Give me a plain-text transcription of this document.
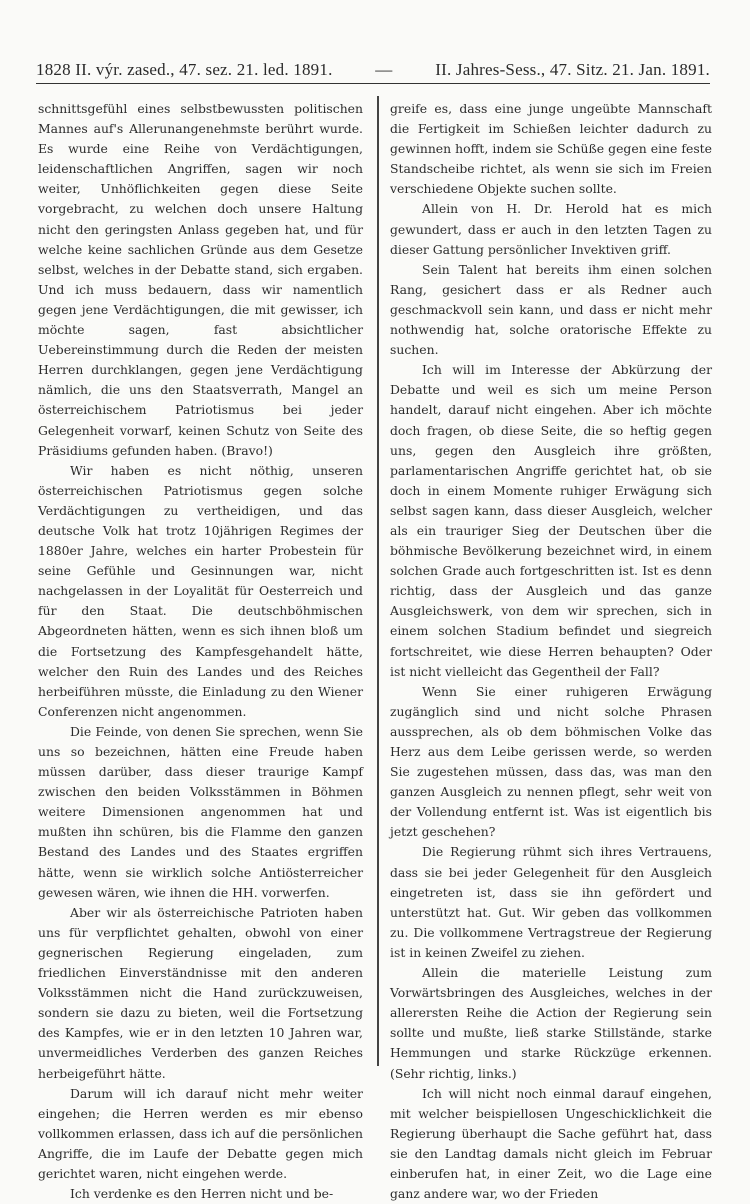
1828 II. výr. zased., 47. sez. 21. led. 1891.	—	II. Jahres-Sess., 47. Sitz. 21. Jan. 1891.

schnittsgefühl eines selbstbewussten politischen Mannes auf's Allerunangenehmste berührt wurde. Es wurde eine Reihe von Verdächtigungen, leidenschaftlichen Angriffen, sagen wir noch weiter, Unhöflichkeiten gegen diese Seite vorgebracht, zu welchen doch unsere Haltung nicht den geringsten Anlass gegeben hat, und für welche keine sachlichen Gründe aus dem Gesetze selbst, welches in der Debatte stand, sich ergaben. Und ich muss bedauern, dass wir namentlich gegen jene Verdächtigungen, die mit gewisser, ich möchte sagen, fast absichtlicher Uebereinstimmung durch die Reden der meisten Herren durchklangen, gegen jene Verdächtigung nämlich, die uns den Staatsverrath, Mangel an österreichischem Patriotismus bei jeder Gelegenheit vorwarf, keinen Schutz von Seite des Präsidiums gefunden haben. (Bravo!)

Wir haben es nicht nöthig, unseren österreichischen Patriotismus gegen solche Verdächtigungen zu vertheidigen, und das deutsche Volk hat trotz 10jährigen Regimes der 1880er Jahre, welches ein harter Probestein für seine Gefühle und Gesinnungen war, nicht nachgelassen in der Loyalität für Oesterreich und für den Staat. Die deutschböhmischen Abgeordneten hätten, wenn es sich ihnen bloß um die Fortsetzung des Kampfesgehandelt hätte, welcher den Ruin des Landes und des Reiches herbeiführen müsste, die Einladung zu den Wiener Conferenzen nicht angenommen.

Die Feinde, von denen Sie sprechen, wenn Sie uns so bezeichnen, hätten eine Freude haben müssen darüber, dass dieser traurige Kampf zwischen den beiden Volksstämmen in Böhmen weitere Dimensionen angenommen hat und mußten ihn schüren, bis die Flamme den ganzen Bestand des Landes und des Staates ergriffen hätte, wenn sie wirklich solche Antiösterreicher gewesen wären, wie ihnen die HH. vorwerfen.

Aber wir als österreichische Patrioten haben uns für verpflichtet gehalten, obwohl von einer gegnerischen Regierung eingeladen, zum friedlichen Einverständnisse mit den anderen Volksstämmen nicht die Hand zurückzuweisen, sondern sie dazu zu bieten, weil die Fortsetzung des Kampfes, wie er in den letzten 10 Jahren war, unvermeidliches Verderben des ganzen Reiches herbeigeführt hätte.

Darum will ich darauf nicht mehr weiter eingehen; die Herren werden es mir ebenso vollkommen erlassen, dass ich auf die persönlichen Angriffe, die im Laufe der Debatte gegen mich gerichtet waren, nicht eingehen werde.

Ich verdenke es den Herren nicht und be-

greife es, dass eine junge ungeübte Mannschaft die Fertigkeit im Schießen leichter dadurch zu gewinnen hofft, indem sie Schüße gegen eine feste Standscheibe richtet, als wenn sie sich im Freien verschiedene Objekte suchen sollte.

Allein von H. Dr. Herold hat es mich gewundert, dass er auch in den letzten Tagen zu dieser Gattung persönlicher Invektiven griff.

Sein Talent hat bereits ihm einen solchen Rang, gesichert dass er als Redner auch geschmackvoll sein kann, und dass er nicht mehr nothwendig hat, solche oratorische Effekte zu suchen.

Ich will im Interesse der Abkürzung der Debatte und weil es sich um meine Person handelt, darauf nicht eingehen. Aber ich möchte doch fragen, ob diese Seite, die so heftig gegen uns, gegen den Ausgleich ihre größten, parlamentarischen Angriffe gerichtet hat, ob sie doch in einem Momente ruhiger Erwägung sich selbst sagen kann, dass dieser Ausgleich, welcher als ein trauriger Sieg der Deutschen über die böhmische Bevölkerung bezeichnet wird, in einem solchen Grade auch fortgeschritten ist. Ist es denn richtig, dass der Ausgleich und das ganze Ausgleichswerk, von dem wir sprechen, sich in einem solchen Stadium befindet und siegreich fortschreitet, wie diese Herren behaupten? Oder ist nicht vielleicht das Gegentheil der Fall?

Wenn Sie einer ruhigeren Erwägung zugänglich sind und nicht solche Phrasen aussprechen, als ob dem böhmischen Volke das Herz aus dem Leibe gerissen werde, so werden Sie zugestehen müssen, dass das, was man den ganzen Ausgleich zu nennen pflegt, sehr weit von der Vollendung entfernt ist. Was ist eigentlich bis jetzt geschehen?

Die Regierung rühmt sich ihres Vertrauens, dass sie bei jeder Gelegenheit für den Ausgleich eingetreten ist, dass sie ihn gefördert und unterstützt hat. Gut. Wir geben das vollkommen zu. Die vollkommene Vertragstreue der Regierung ist in keinen Zweifel zu ziehen.

Allein die materielle Leistung zum Vorwärtsbringen des Ausgleiches, welches in der allerersten Reihe die Action der Regierung sein sollte und mußte, ließ starke Stillstände, starke Hemmungen und starke Rückzüge erkennen. (Sehr richtig, links.)

Ich will nicht noch einmal darauf eingehen, mit welcher beispiellosen Ungeschicklichkeit die Regierung überhaupt die Sache geführt hat, dass sie den Landtag damals nicht gleich im Februar einberufen hat, in einer Zeit, wo die Lage eine ganz andere war, wo der Frieden
